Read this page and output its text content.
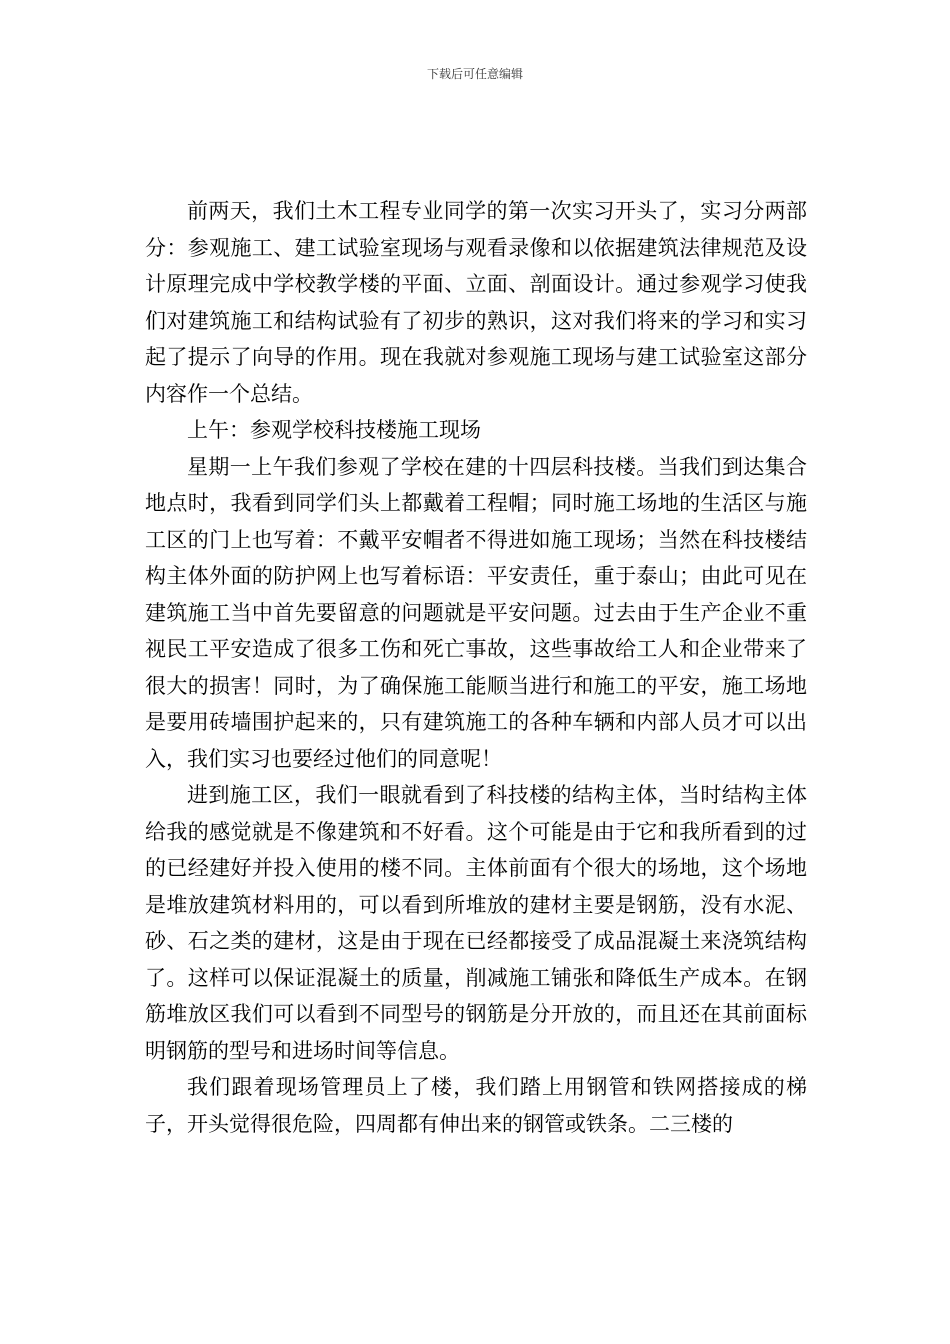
下载后可任意编辑

前两天，我们土木工程专业同学的第一次实习开头了，实习分两部分：参观施工、建工试验室现场与观看录像和以依据建筑法律规范及设计原理完成中学校教学楼的平面、立面、剖面设计。通过参观学习使我们对建筑施工和结构试验有了初步的熟识，这对我们将来的学习和实习起了提示了向导的作用。现在我就对参观施工现场与建工试验室这部分内容作一个总结。

上午：参观学校科技楼施工现场

星期一上午我们参观了学校在建的十四层科技楼。当我们到达集合地点时，我看到同学们头上都戴着工程帽；同时施工场地的生活区与施工区的门上也写着：不戴平安帽者不得进如施工现场；当然在科技楼结构主体外面的防护网上也写着标语：平安责任，重于泰山；由此可见在建筑施工当中首先要留意的问题就是平安问题。过去由于生产企业不重视民工平安造成了很多工伤和死亡事故，这些事故给工人和企业带来了很大的损害！同时，为了确保施工能顺当进行和施工的平安，施工场地是要用砖墙围护起来的，只有建筑施工的各种车辆和内部人员才可以出入，我们实习也要经过他们的同意呢！

进到施工区，我们一眼就看到了科技楼的结构主体，当时结构主体给我的感觉就是不像建筑和不好看。这个可能是由于它和我所看到的过的已经建好并投入使用的楼不同。主体前面有个很大的场地，这个场地是堆放建筑材料用的，可以看到所堆放的建材主要是钢筋，没有水泥、砂、石之类的建材，这是由于现在已经都接受了成品混凝土来浇筑结构了。这样可以保证混凝土的质量，削减施工铺张和降低生产成本。在钢筋堆放区我们可以看到不同型号的钢筋是分开放的，而且还在其前面标明钢筋的型号和进场时间等信息。

我们跟着现场管理员上了楼，我们踏上用钢管和铁网搭接成的梯子，开头觉得很危险，四周都有伸出来的钢管或铁条。二三楼的
